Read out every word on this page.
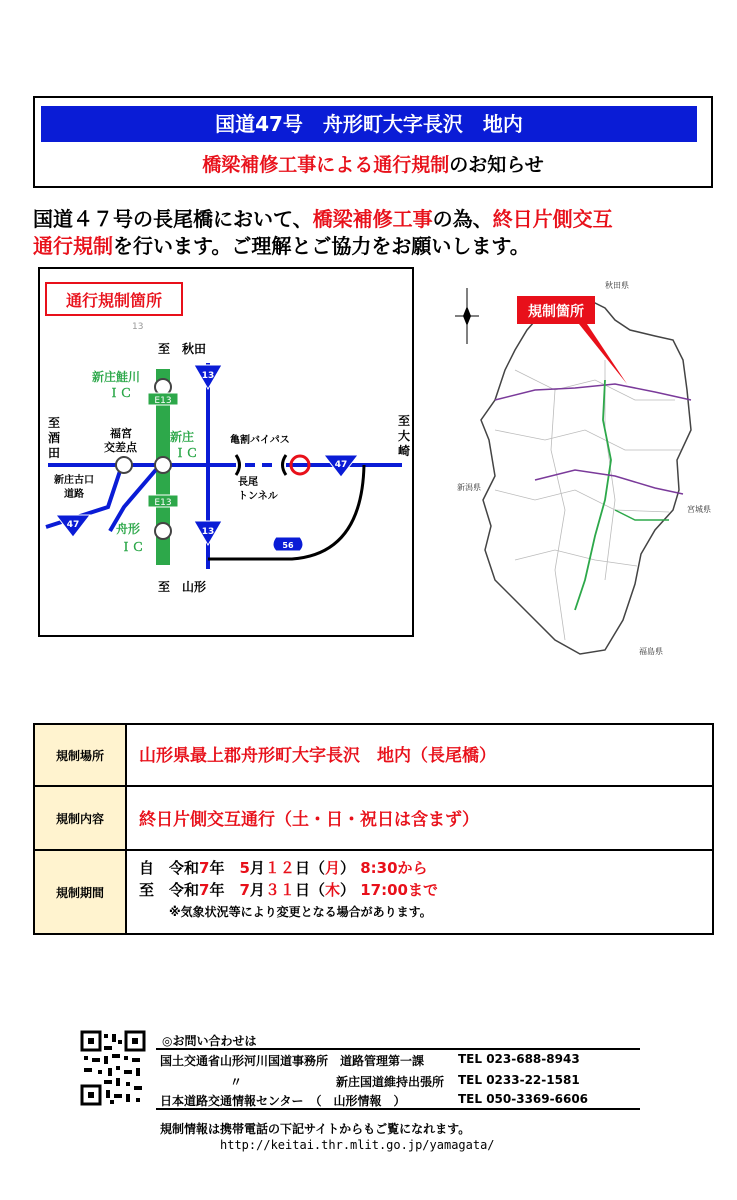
国道47号　舟形町大字長沢　地内
橋梁補修工事による通行規制のお知らせ
国道４７号の長尾橋において、橋梁補修工事の為、終日片側交互
通行規制を行います。ご理解とご協力をお願いします。
通行規制箇所
13
E13
E13
13
13
47
47
56
至　秋田
至　山形
至
酒
田
至
大
崎
新庄鮭川
ＩＣ
新庄
ＩＣ
舟形
ＩＣ
福宮
交差点
新庄古口
道路
亀割バイパス
長尾
トンネル
規制箇所
秋田県
宮城県
新潟県
福島県
規制場所	山形県最上郡舟形町大字長沢　地内（長尾橋）
規制内容	終日片側交互通行（土・日・祝日は含まず）
規制期間
自　令和7年　5月１２日（月） 8:30から
至　令和7年　7月３１日（木） 17:00まで
※気象状況等により変更となる場合があります。
◎お問い合わせは
国土交通省山形河川国道事務所　道路管理第一課	TEL 023-688-8943
〃	新庄国道維持出張所 TEL 0233-22-1581
日本道路交通情報センター　（　山形情報　）	TEL 050-3369-6606
規制情報は携帯電話の下記サイトからもご覧になれます。
http://keitai.thr.mlit.go.jp/yamagata/
